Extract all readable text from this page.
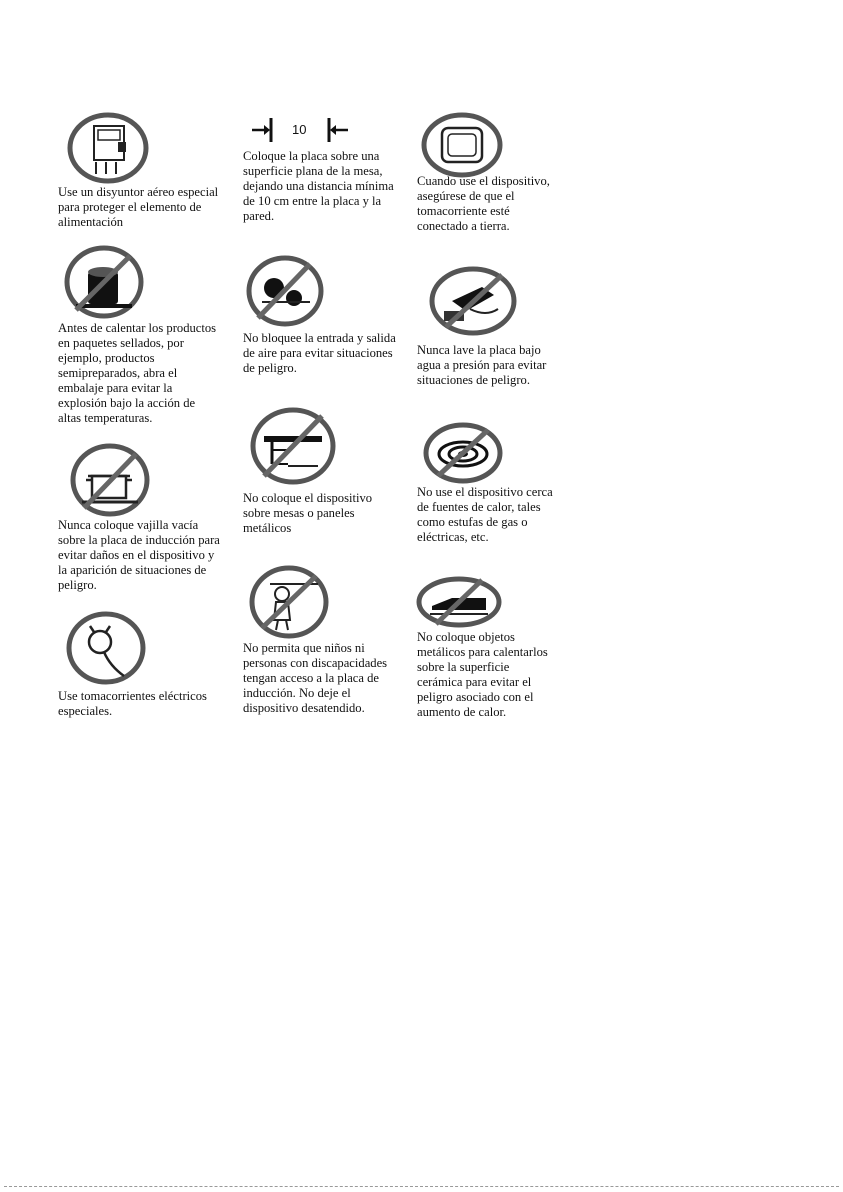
Use un disyuntor aéreo especial
para proteger el elemento de
alimentación
Antes de calentar los productos
en paquetes sellados, por
ejemplo, productos
semipreparados, abra el
embalaje para evitar la
explosión bajo la acción de
altas temperaturas.
Nunca coloque vajilla vacía
sobre la placa de inducción para
evitar daños en el dispositivo y
la aparición de situaciones de
peligro.
Use tomacorrientes eléctricos
especiales.
10
Coloque la placa sobre una
superficie plana de la mesa,
dejando una distancia mínima
de 10 cm entre la placa y la
pared.
No bloquee la entrada y salida
de aire para evitar situaciones
de peligro.
No coloque el dispositivo
sobre mesas o paneles
metálicos
No permita que niños ni
personas con discapacidades
tengan acceso a la placa de
inducción. No deje el
dispositivo desatendido.
Cuando use el dispositivo,
asegúrese de que el
tomacorriente esté
conectado a tierra.
Nunca lave la placa bajo
agua a presión para evitar
situaciones de peligro.
No use el dispositivo cerca
de fuentes de calor, tales
como estufas de gas o
eléctricas, etc.
No coloque objetos
metálicos para calentarlos
sobre la superficie
cerámica para evitar el
peligro asociado con el
aumento de calor.
